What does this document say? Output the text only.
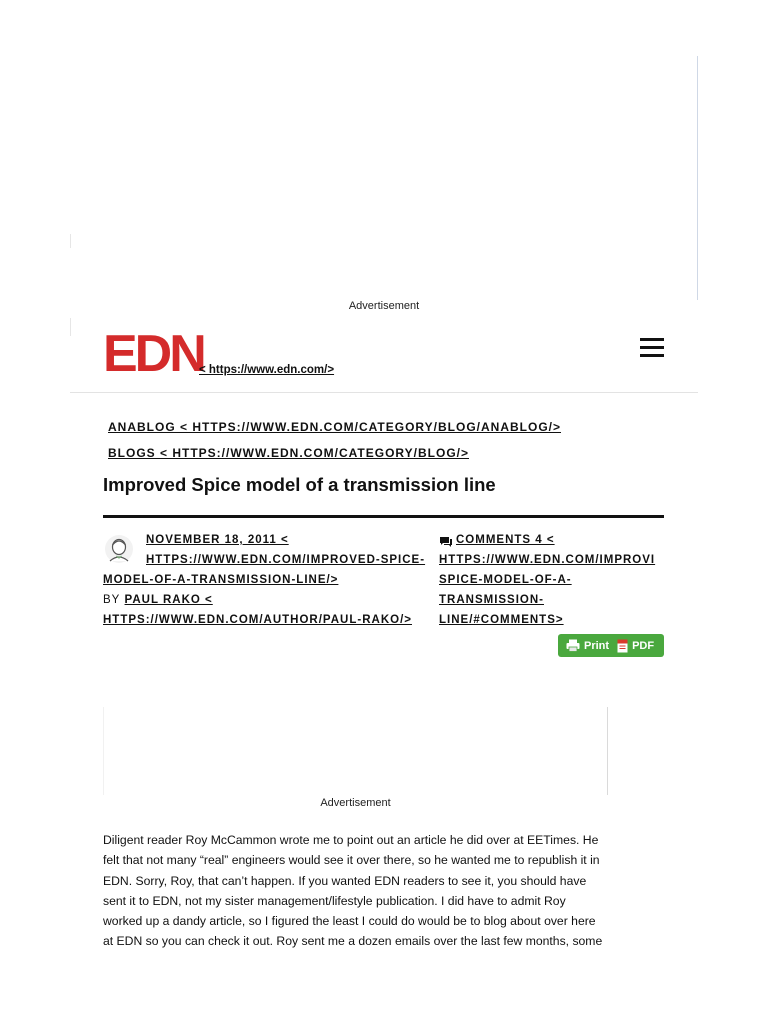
Advertisement
EDN
< https://www.edn.com/>
ANABLOG < HTTPS://WWW.EDN.COM/CATEGORY/BLOG/ANABLOG/>
BLOGS < HTTPS://WWW.EDN.COM/CATEGORY/BLOG/>
Improved Spice model of a transmission line
NOVEMBER 18, 2011 <
HTTPS://WWW.EDN.COM/IMPROVED-SPICE-
MODEL-OF-A-TRANSMISSION-LINE/>
BY PAUL RAKO <
HTTPS://WWW.EDN.COM/AUTHOR/PAUL-RAKO/>
COMMENTS 4 <
HTTPS://WWW.EDN.COM/IMPROVI
SPICE-MODEL-OF-A-
TRANSMISSION-
LINE/#COMMENTS>
Print PDF
Advertisement

Diligent reader Roy McCammon wrote me to point out an article he did over at EETimes. He felt that not many “real” engineers would see it over there, so he wanted me to republish it in EDN. Sorry, Roy, that can’t happen. If you wanted EDN readers to see it, you should have sent it to EDN, not my sister management/lifestyle publication. I did have to admit Roy worked up a dandy article, so I figured the least I could do would be to blog about over here at EDN so you can check it out. Roy sent me a dozen emails over the last few months, some
